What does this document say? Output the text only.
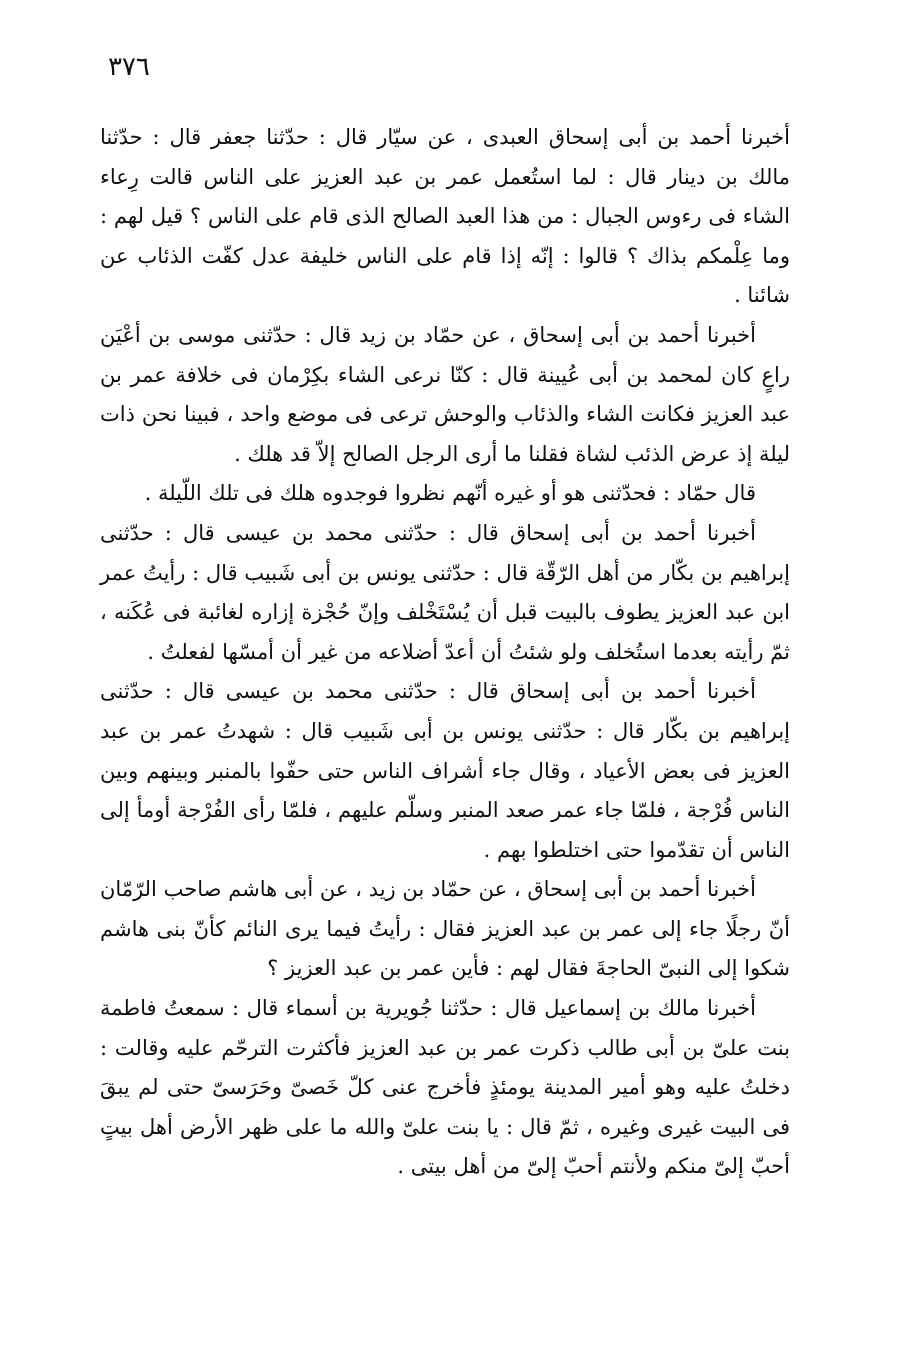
٣٧٦

أخبرنا أحمد بن أبى إسحاق العبدى ، عن سيّار قال : حدّثنا جعفر قال : حدّثنا مالك بن دينار قال : لما استُعمل عمر بن عبد العزيز على الناس قالت رِعاء الشاء فى رءوس الجبال : من هذا العبد الصالح الذى قام على الناس ؟ قيل لهم : وما عِلْمكم بذاك ؟ قالوا : إنّه إذا قام على الناس خليفة عدل كفّت الذئاب عن شائنا .

أخبرنا أحمد بن أبى إسحاق ، عن حمّاد بن زيد قال : حدّثنى موسى بن أعْيَن راعٍ كان لمحمد بن أبى عُيينة قال : كنّا نرعى الشاء بكِرْمان فى خلافة عمر بن عبد العزيز فكانت الشاء والذئاب والوحش ترعى فى موضع واحد ، فبينا نحن ذات ليلة إذ عرض الذئب لشاة فقلنا ما أرى الرجل الصالح إلاّ قد هلك .

قال حمّاد : فحدّثنى هو أو غيره أنّهم نظروا فوجدوه هلك فى تلك اللّيلة .

أخبرنا أحمد بن أبى إسحاق قال : حدّثنى محمد بن عيسى قال : حدّثنى إبراهيم بن بكّار من أهل الرّقّة قال : حدّثنى يونس بن أبى شَبيب قال : رأيتُ عمر ابن عبد العزيز يطوف بالبيت قبل أن يُسْتَخْلف وإنّ حُجْزة إزاره لغائبة فى عُكَنه ، ثمّ رأيته بعدما استُخلف ولو شئتُ أن أعدّ أضلاعه من غير أن أمسّها لفعلتُ .

أخبرنا أحمد بن أبى إسحاق قال : حدّثنى محمد بن عيسى قال : حدّثنى إبراهيم بن بكّار قال : حدّثنى يونس بن أبى شَبيب قال : شهدتُ عمر بن عبد العزيز فى بعض الأعياد ، وقال جاء أشراف الناس حتى حفّوا بالمنبر وبينهم وبين الناس فُرْجة ، فلمّا جاء عمر صعد المنبر وسلّم عليهم ، فلمّا رأى الفُرْجة أومأ إلى الناس أن تقدّموا حتى اختلطوا بهم .

أخبرنا أحمد بن أبى إسحاق ، عن حمّاد بن زيد ، عن أبى هاشم صاحب الرّمّان أنّ رجلًا جاء إلى عمر بن عبد العزيز فقال : رأيتُ فيما يرى النائم كأنّ بنى هاشم شكوا إلى النبىّ الحاجةَ فقال لهم : فأين عمر بن عبد العزيز ؟

أخبرنا مالك بن إسماعيل قال : حدّثنا جُويرية بن أسماء قال : سمعتُ فاطمة بنت علىّ بن أبى طالب ذكرت عمر بن عبد العزيز فأكثرت الترحّم عليه وقالت : دخلتُ عليه وهو أمير المدينة يومئذٍ فأخرج عنى كلّ خَصىّ وحَرَسىّ حتى لم يبقَ فى البيت غيرى وغيره ، ثمّ قال : يا بنت علىّ والله ما على ظهر الأرض أهل بيتٍ أحبّ إلىّ منكم ولأنتم أحبّ إلىّ من أهل بيتى .
